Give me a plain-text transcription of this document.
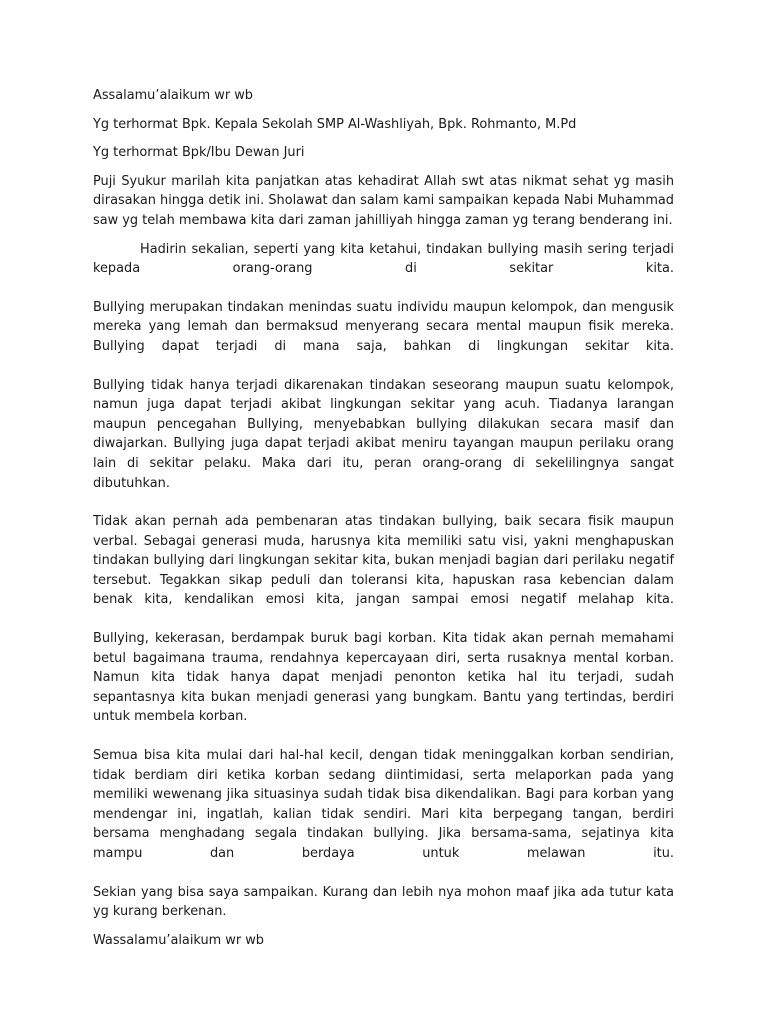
Assalamu’alaikum wr wb

Yg terhormat Bpk. Kepala Sekolah SMP Al-Washliyah, Bpk. Rohmanto, M.Pd

Yg terhormat Bpk/Ibu Dewan Juri

Puji Syukur marilah kita panjatkan atas kehadirat Allah swt atas nikmat sehat yg masih dirasakan hingga detik ini. Sholawat dan salam kami sampaikan kepada Nabi Muhammad saw yg telah membawa kita dari zaman jahilliyah hingga zaman yg terang benderang ini.

Hadirin sekalian, seperti yang kita ketahui, tindakan bullying masih sering terjadi kepada orang-orang di sekitar kita.

Bullying merupakan tindakan menindas suatu individu maupun kelompok, dan mengusik mereka yang lemah dan bermaksud menyerang secara mental maupun fisik mereka. Bullying dapat terjadi di mana saja, bahkan di lingkungan sekitar kita.

Bullying tidak hanya terjadi dikarenakan tindakan seseorang maupun suatu kelompok, namun juga dapat terjadi akibat lingkungan sekitar yang acuh. Tiadanya larangan maupun pencegahan Bullying, menyebabkan bullying dilakukan secara masif dan diwajarkan. Bullying juga dapat terjadi akibat meniru tayangan maupun perilaku orang lain di sekitar pelaku. Maka dari itu, peran orang-orang di sekelilingnya sangat dibutuhkan.

Tidak akan pernah ada pembenaran atas tindakan bullying, baik secara fisik maupun verbal. Sebagai generasi muda, harusnya kita memiliki satu visi, yakni menghapuskan tindakan bullying dari lingkungan sekitar kita, bukan menjadi bagian dari perilaku negatif tersebut. Tegakkan sikap peduli dan toleransi kita, hapuskan rasa kebencian dalam benak kita, kendalikan emosi kita, jangan sampai emosi negatif melahap kita.

Bullying, kekerasan, berdampak buruk bagi korban. Kita tidak akan pernah memahami betul bagaimana trauma, rendahnya kepercayaan diri, serta rusaknya mental korban. Namun kita tidak hanya dapat menjadi penonton ketika hal itu terjadi, sudah sepantasnya kita bukan menjadi generasi yang bungkam. Bantu yang tertindas, berdiri untuk membela korban.

Semua bisa kita mulai dari hal-hal kecil, dengan tidak meninggalkan korban sendirian, tidak berdiam diri ketika korban sedang diintimidasi, serta melaporkan pada yang memiliki wewenang jika situasinya sudah tidak bisa dikendalikan. Bagi para korban yang mendengar ini, ingatlah, kalian tidak sendiri. Mari kita berpegang tangan, berdiri bersama menghadang segala tindakan bullying. Jika bersama-sama, sejatinya kita mampu dan berdaya untuk melawan itu.

Sekian yang bisa saya sampaikan. Kurang dan lebih nya mohon maaf jika ada tutur kata yg kurang berkenan.

Wassalamu’alaikum wr wb
